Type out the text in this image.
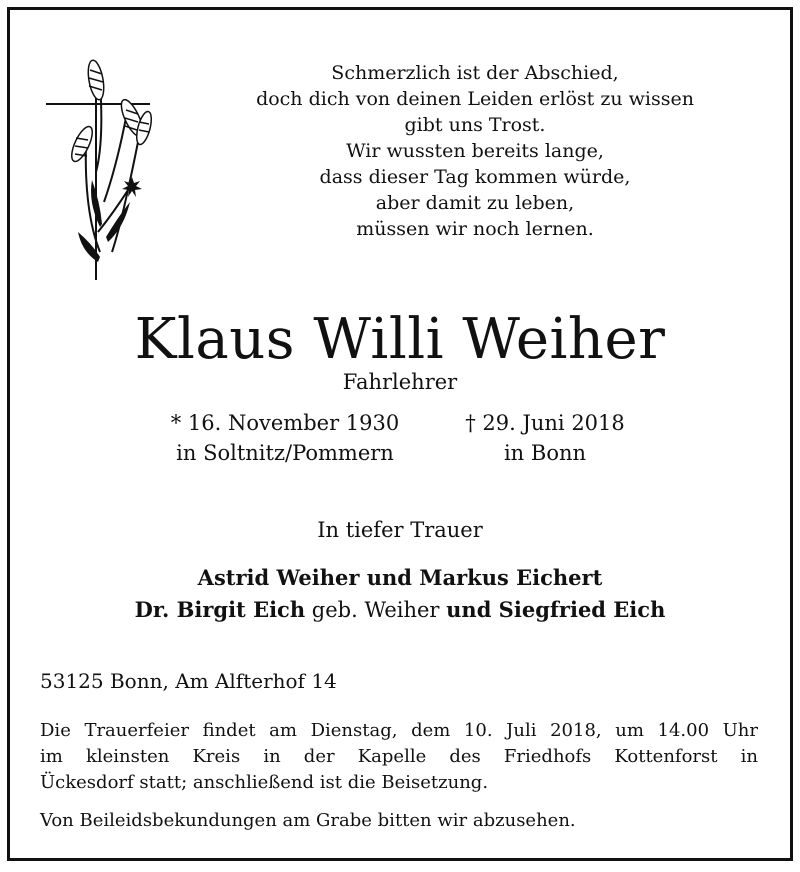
Schmerzlich ist der Abschied,
doch dich von deinen Leiden erlöst zu wissen
gibt uns Trost.
Wir wussten bereits lange,
dass dieser Tag kommen würde,
aber damit zu leben,
müssen wir noch lernen.
Klaus Willi Weiher
Fahrlehrer
* 16. November 1930
in Soltnitz/Pommern
† 29. Juni 2018
in Bonn
In tiefer Trauer
Astrid Weiher und Markus Eichert
Dr. Birgit Eich geb. Weiher und Siegfried Eich
53125 Bonn, Am Alfterhof 14
Die Trauerfeier findet am Dienstag, dem 10. Juli 2018, um 14.00 Uhr
im kleinsten Kreis in der Kapelle des Friedhofs Kottenforst in
Ückesdorf statt; anschließend ist die Beisetzung.
Von Beileidsbekundungen am Grabe bitten wir abzusehen.
